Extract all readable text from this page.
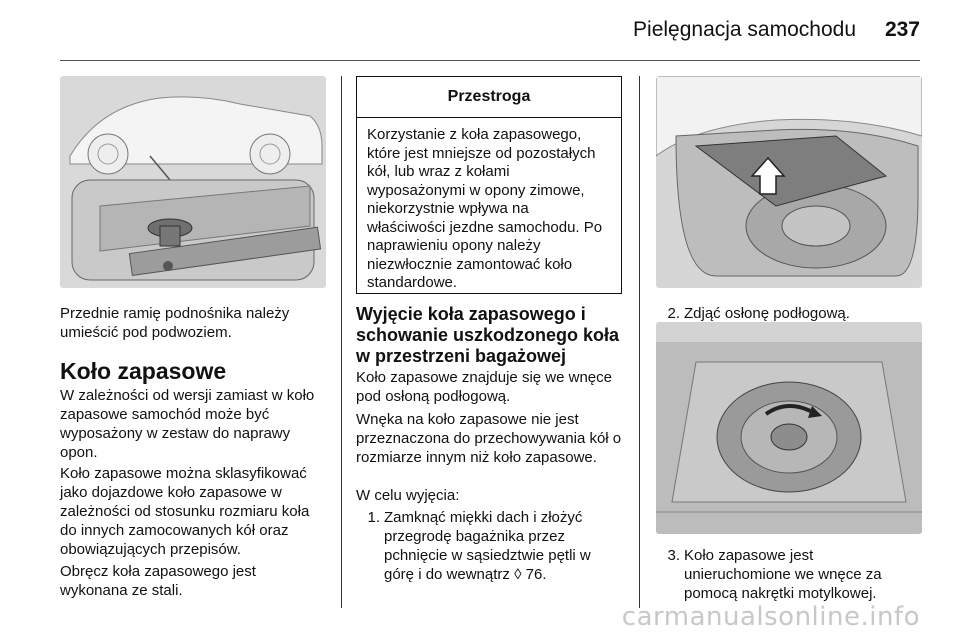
Pielęgnacja samochodu 237

Przednie ramię podnośnika należy umieścić pod podwoziem.

Koło zapasowe

W zależności od wersji zamiast w koło zapasowe samochód może być wyposażony w zestaw do naprawy opon.

Koło zapasowe można sklasyfikować jako dojazdowe koło zapasowe w zależności od stosunku rozmiaru koła do innych zamocowanych kół oraz obowiązujących przepisów.

Obręcz koła zapasowego jest wykonana ze stali.

Przestroga
Korzystanie z koła zapasowego, które jest mniejsze od pozostałych kół, lub wraz z kołami wyposażonymi w opony zimowe, niekorzystnie wpływa na właściwości jezdne samochodu. Po naprawieniu opony należy niezwłocznie zamontować koło standardowe.
Wyjęcie koła zapasowego i schowanie uszkodzonego koła w przestrzeni bagażowej

Koło zapasowe znajduje się we wnęce pod osłoną podłogową.

Wnęka na koło zapasowe nie jest przeznaczona do przechowywania kół o rozmiarze innym niż koło zapasowe.

W celu wyjęcia:

1. Zamknąć miękki dach i złożyć przegrodę bagażnika przez pchnięcie w sąsiedztwie pętli w górę i do wewnątrz ◊ 76.

2. Zdjąć osłonę podłogową.

3. Koło zapasowe jest unieruchomione we wnęce za pomocą nakrętki motylkowej.

carmanualsonline.info
